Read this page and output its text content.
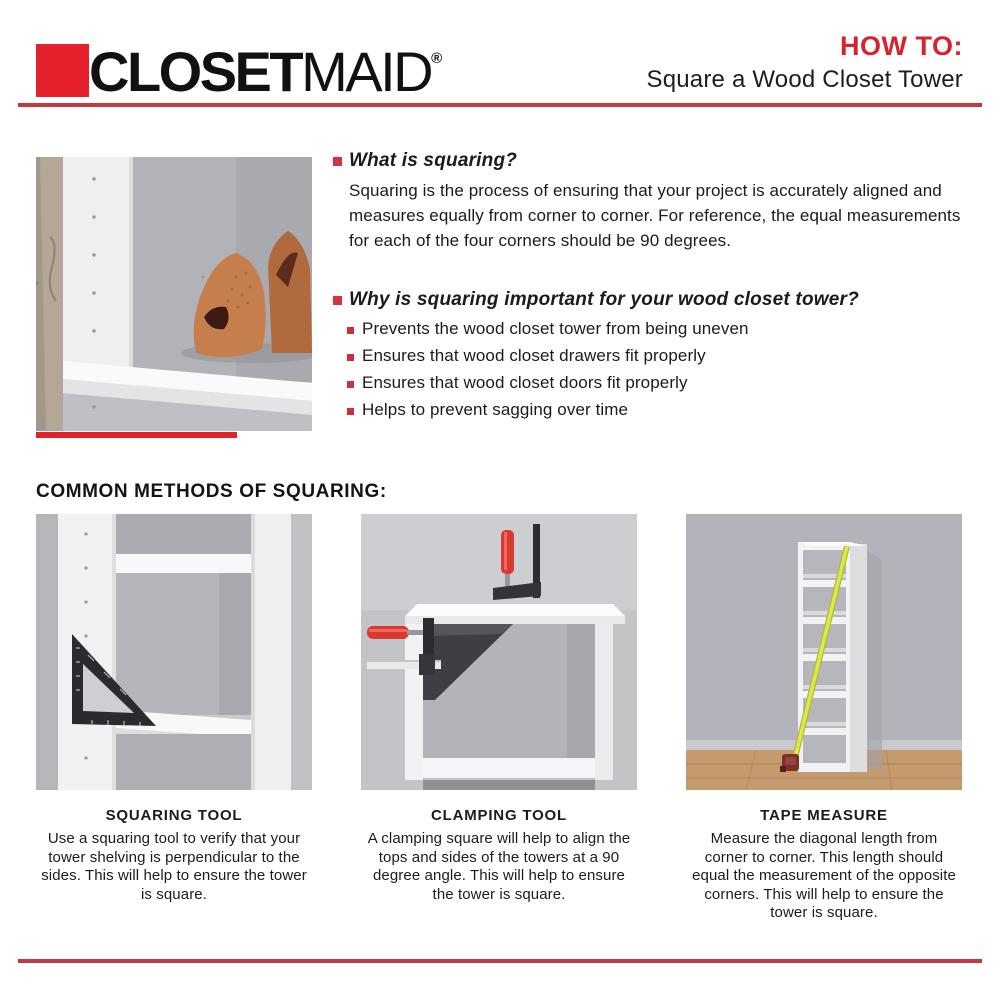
CLOSETMAID®	HOW TO:
Square a Wood Closet Tower
What is squaring?
Squaring is the process of ensuring that your project is accurately aligned and measures equally from corner to corner. For reference, the equal measurements for each of the four corners should be 90 degrees.
Why is squaring important for your wood closet tower?
Prevents the wood closet tower from being uneven
Ensures that wood closet drawers fit properly
Ensures that wood closet doors fit properly
Helps to prevent sagging over time
COMMON METHODS OF SQUARING:
SQUARING TOOL
Use a squaring tool to verify that your tower shelving is perpendicular to the sides. This will help to ensure the tower is square.
CLAMPING TOOL
A clamping square will help to align the tops and sides of the towers at a 90 degree angle. This will help to ensure the tower is square.
TAPE MEASURE
Measure the diagonal length from corner to corner. This length should equal the measurement of the opposite corners. This will help to ensure the tower is square.
